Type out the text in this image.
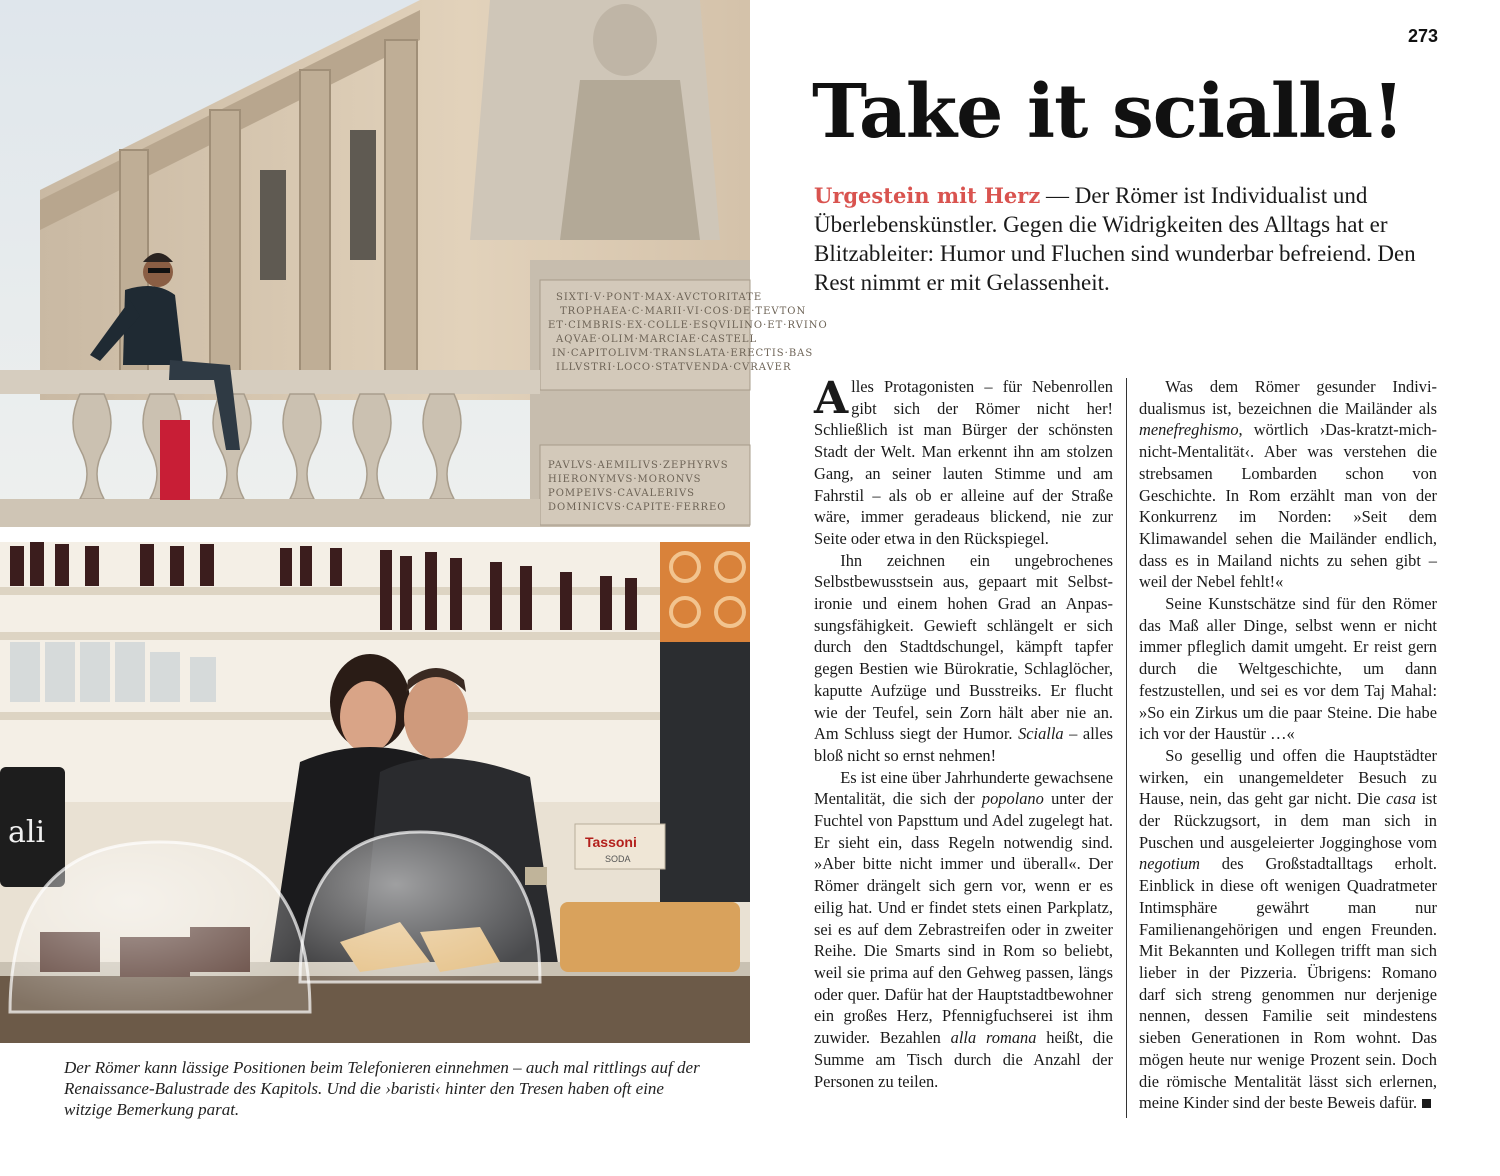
SIXTI·V·PONT·MAX·AVCTORITATE
TROPHAEA·C·MARII·VI·COS·DE·TEVTON
ET·CIMBRIS·EX·COLLE·ESQVILINO·ET·RVINO
AQVAE·OLIM·MARCIAE·CASTELL
IN·CAPITOLIVM·TRANSLATA·ERECTIS·BAS
ILLVSTRI·LOCO·STATVENDA·CVRAVER
PAVLVS·AEMILIVS·ZEPHYRVS
HIERONYMVS·MORONVS
POMPEIVS·CAVALERIVS
DOMINICVS·CAPITE·FERREO
ali	Tassoni
SODA
Der Römer kann lässige Positionen beim Telefonieren einnehmen – auch mal rittlings auf der Renaissance-Balustrade des Kapitols. Und die ›baristi‹ hinter den Tresen haben oft eine witzige Bemerkung parat.
273
Take it scialla!
Urgestein mit Herz — Der Römer ist Individualist und Überlebenskünstler. Gegen die Widrigkeiten des Alltags hat er Blitzableiter: Humor und Fluchen sind wunderbar befreiend. Den Rest nimmt er mit Gelassenheit.

Alles Protagonisten – für Nebenrollen gibt sich der Römer nicht her! Schließlich ist man Bürger der schönsten Stadt der Welt. Man erkennt ihn am stolzen Gang, an seiner lauten Stimme und am Fahrstil – als ob er alleine auf der Straße wäre, immer geradeaus blickend, nie zur Seite oder etwa in den Rückspiegel.

Ihn zeichnen ein ungebrochenes Selbstbewusstsein aus, gepaart mit Selbstironie und einem hohen Grad an Anpassungsfähigkeit. Gewieft schlängelt er sich durch den Stadtdschungel, kämpft tapfer gegen Bestien wie Bürokratie, Schlaglöcher, kaputte Aufzüge und Busstreiks. Er flucht wie der Teufel, sein Zorn hält aber nie an. Am Schluss siegt der Humor. Scialla – alles bloß nicht so ernst nehmen!

Es ist eine über Jahrhunderte gewachsene Mentalität, die sich der popolano unter der Fuchtel von Papsttum und Adel zugelegt hat. Er sieht ein, dass Regeln notwendig sind. »Aber bitte nicht immer und überall«. Der Römer drängelt sich gern vor, wenn er es eilig hat. Und er findet stets einen Parkplatz, sei es auf dem Zebrastreifen oder in zweiter Reihe. Die Smarts sind in Rom so beliebt, weil sie prima auf den Gehweg passen, längs oder quer. Dafür hat der Hauptstadtbewohner ein großes Herz, Pfennigfuchserei ist ihm zuwider. Bezahlen alla romana heißt, die Summe am Tisch durch die Anzahl der Personen zu teilen.

Was dem Römer gesunder Individualismus ist, bezeichnen die Mailänder als menefreghismo, wörtlich ›Das-kratzt-mich-nicht-Mentalität‹. Aber was verstehen die strebsamen Lombarden schon von Geschichte. In Rom erzählt man von der Konkurrenz im Norden: »Seit dem Klimawandel sehen die Mailänder endlich, dass es in Mailand nichts zu sehen gibt – weil der Nebel fehlt!«

Seine Kunstschätze sind für den Römer das Maß aller Dinge, selbst wenn er nicht immer pfleglich damit umgeht. Er reist gern durch die Weltgeschichte, um dann festzustellen, und sei es vor dem Taj Mahal: »So ein Zirkus um die paar Steine. Die habe ich vor der Haustür …«

So gesellig und offen die Hauptstädter wirken, ein unangemeldeter Besuch zu Hause, nein, das geht gar nicht. Die casa ist der Rückzugsort, in dem man sich in Puschen und ausgeleierter Jogginghose vom negotium des Großstadtalltags erholt. Einblick in diese oft wenigen Quadratmeter Intimsphäre gewährt man nur Familienangehörigen und engen Freunden. Mit Bekannten und Kollegen trifft man sich lieber in der Pizzeria. Übrigens: Romano darf sich streng genommen nur derjenige nennen, dessen Familie seit mindestens sieben Generationen in Rom wohnt. Das mögen heute nur wenige Prozent sein. Doch die römische Mentalität lässt sich erlernen, meine Kinder sind der beste Beweis dafür.
